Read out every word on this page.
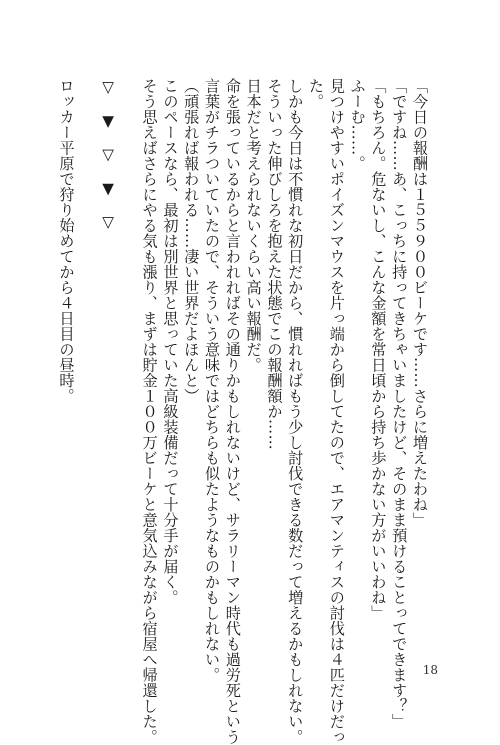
「今日の報酬は１５５９００ビーケです……さらに増えたわね」
「ですね……あ、こっちに持ってきちゃいましたけど、そのまま預けることってできます？」
「もちろん。危ないし、こんな金額を常日頃から持ち歩かない方がいいわね」
ふーむ……。
見つけやすいポイズンマウスを片っ端から倒してたので、エアマンティスの討伐は４匹だけだっ
た。
しかも今日は不慣れな初日だから、慣れればもう少し討伐できる数だって増えるかもしれない。
そういった伸びしろを抱えた状態でこの報酬額か……
日本だと考えられないくらい高い報酬だ。
命を張っているからと言われればその通りかもしれないけど、サラリーマン時代も過労死という
言葉がチラついていたので、そういう意味ではどちらも似たようなものかもしれない。
（頑張れば報われる……凄い世界だよほんと）
このペースなら、最初は別世界と思っていた高級装備だって十分手が届く。
そう思えばさらにやる気も漲り、まずは貯金１００万ビーケと意気込みながら宿屋へ帰還した。
▽　▼　▽　▼　▽
ロッカー平原で狩り始めてから４日目の昼時。
18
